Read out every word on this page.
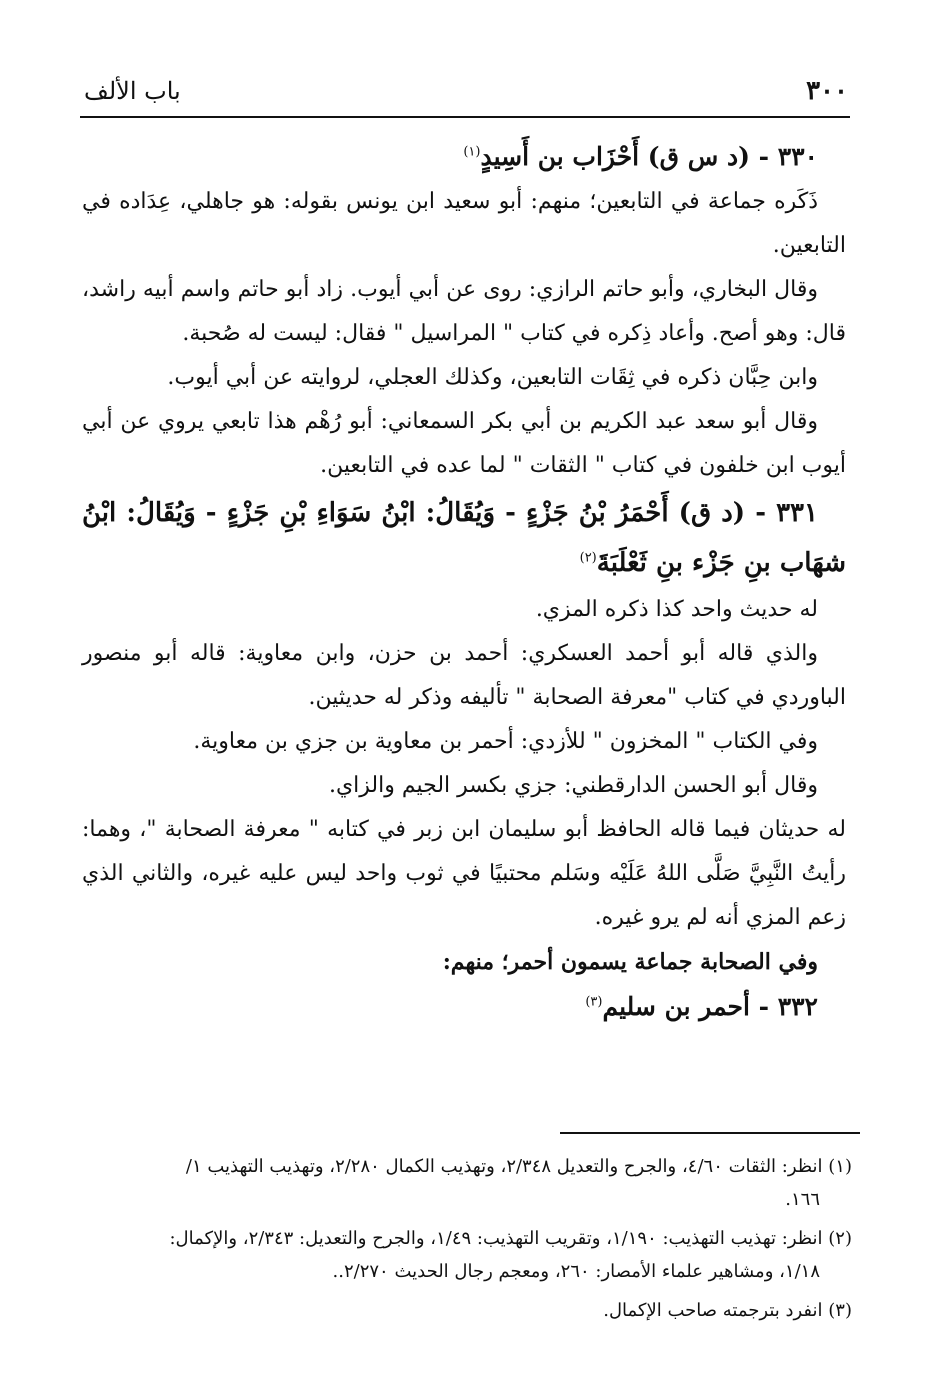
٣٠٠
باب الألف

٣٣٠ - (د س ق) أَحْزَاب بن أَسِيدٍ$^{(١)}$

ذَكَره جماعة في التابعين؛ منهم: أبو سعيد ابن يونس بقوله: هو جاهلي، عِدَاده في التابعين.

وقال البخاري، وأبو حاتم الرازي: روى عن أبي أيوب. زاد أبو حاتم واسم أبيه راشد، قال: وهو أصح. وأعاد ذِكره في كتاب " المراسيل " فقال: ليست له صُحبة.

وابن حِبَّان ذكره في ثِقَات التابعين، وكذلك العجلي، لروايته عن أبي أيوب.

وقال أبو سعد عبد الكريم بن أبي بكر السمعاني: أبو رُهْم هذا تابعي يروي عن أبي أيوب ابن خلفون في كتاب " الثقات " لما عده في التابعين.

٣٣١ - (د ق) أَحْمَرُ بْنُ جَزْءٍ - وَيُقَالُ: ابْنُ سَوَاءِ بْنِ جَزْءٍ - وَيُقَالُ: ابْنُ شهَاب بنِ جَزْء بنِ ثَعْلَبَةَ$^{(٢)}$

له حديث واحد كذا ذكره المزي.

والذي قاله أبو أحمد العسكري: أحمد بن حزن، وابن معاوية: قاله أبو منصور الباوردي في كتاب "معرفة الصحابة " تأليفه وذكر له حديثين.

وفي الكتاب " المخزون " للأزدي: أحمر بن معاوية بن جزي بن معاوية.

وقال أبو الحسن الدارقطني: جزي بكسر الجيم والزاي.

له حديثان فيما قاله الحافظ أبو سليمان ابن زبر في كتابه " معرفة الصحابة "، وهما: رأيتُ النَّبِيَّ صَلَّى اللهُ عَلَيْه وسَلم محتبيًا في ثوب واحد ليس عليه غيره، والثاني الذي زعم المزي أنه لم يرو غيره.

وفي الصحابة جماعة يسمون أحمر؛ منهم:

٣٣٢ - أحمر بن سليم$^{(٣)}$

(١) انظر: الثقات ٤/٦٠، والجرح والتعديل ٢/٣٤٨، وتهذيب الكمال ٢/٢٨٠، وتهذيب التهذيب ١/
١٦٦.

(٢) انظر: تهذيب التهذيب: ١/١٩٠، وتقريب التهذيب: ١/٤٩، والجرح والتعديل: ٢/٣٤٣، والإكمال:
١/١٨، ومشاهير علماء الأمصار: ٢٦٠، ومعجم رجال الحديث ٢/٢٧٠..

(٣) انفرد بترجمته صاحب الإكمال.
